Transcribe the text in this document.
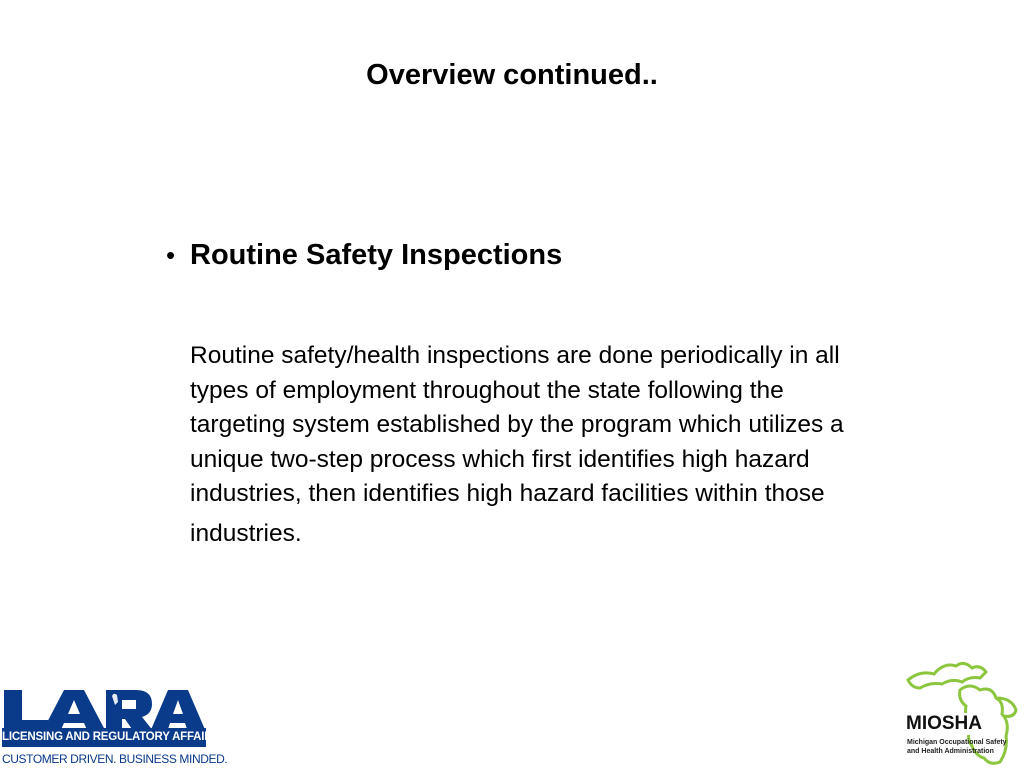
Overview continued..
• Routine Safety Inspections
Routine safety/health inspections are done periodically in all
types of employment throughout the state following the
targeting system established by the program which utilizes a
unique two-step process which first identifies high hazard
industries, then identifies high hazard facilities within those
industries.
LICENSING AND REGULATORY AFFAIRS
CUSTOMER DRIVEN. BUSINESS MINDED.
MIOSHA
Michigan Occupational Safety
and Health Administration
